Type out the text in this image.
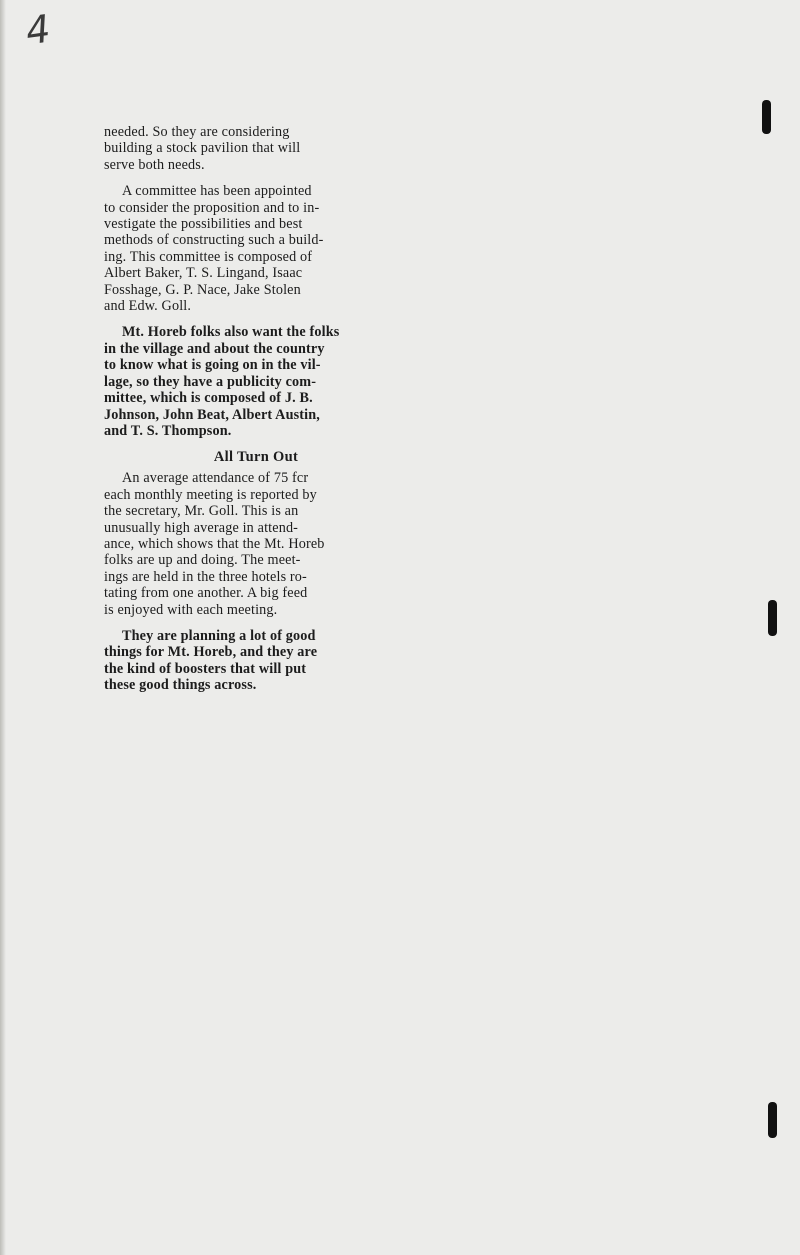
4
needed. So they are considering
building a stock pavilion that will
serve both needs.
A committee has been appointed
to consider the proposition and to in-
vestigate the possibilities and best
methods of constructing such a build-
ing. This committee is composed of
Albert Baker, T. S. Lingand, Isaac
Fosshage, G. P. Nace, Jake Stolen
and Edw. Goll.
Mt. Horeb folks also want the folks
in the village and about the country
to know what is going on in the vil-
lage, so they have a publicity com-
mittee, which is composed of J. B.
Johnson, John Beat, Albert Austin,
and T. S. Thompson.
All Turn Out
An average attendance of 75 fcr
each monthly meeting is reported by
the secretary, Mr. Goll. This is an
unusually high average in attend-
ance, which shows that the Mt. Horeb
folks are up and doing. The meet-
ings are held in the three hotels ro-
tating from one another. A big feed
is enjoyed with each meeting.
They are planning a lot of good
things for Mt. Horeb, and they are
the kind of boosters that will put
these good things across.
